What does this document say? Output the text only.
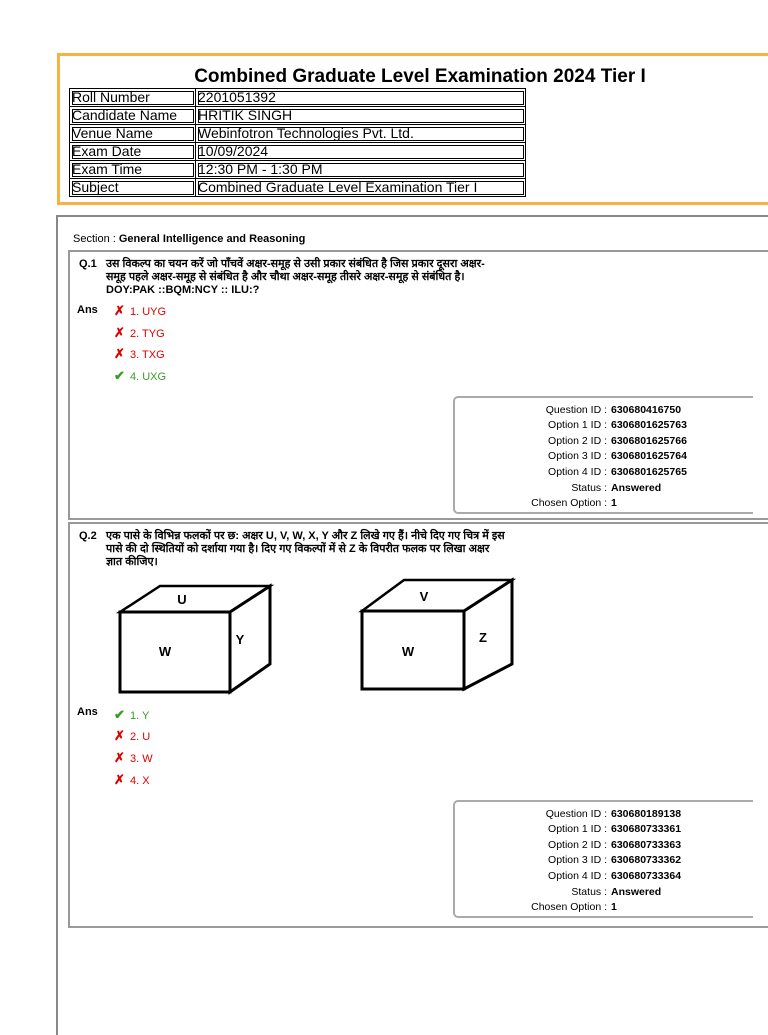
Combined Graduate Level Examination 2024 Tier I
Roll Number	2201051392
Candidate Name	HRITIK SINGH
Venue Name	Webinfotron Technologies Pvt. Ltd.
Exam Date	10/09/2024
Exam Time	12:30 PM - 1:30 PM
Subject	Combined Graduate Level Examination Tier I
Section : General Intelligence and Reasoning
Q.1 उस विकल्प का चयन करें जो पाँचवें अक्षर-समूह से उसी प्रकार संबंधित है जिस प्रकार दूसरा अक्षर-
समूह पहले अक्षर-समूह से संबंधित है और चौथा अक्षर-समूह तीसरे अक्षर-समूह से संबंधित है।
DOY:PAK ::BQM:NCY :: ILU:?
Ans ✗ 1. UYG
✗ 2. TYG
✗ 3. TXG
✔ 4. UXG
Question ID : 630680416750
Option 1 ID : 6306801625763
Option 2 ID : 6306801625766
Option 3 ID : 6306801625764
Option 4 ID : 6306801625765
Status : Answered
Chosen Option : 1
Q.2 एक पासे के विभिन्न फलकों पर छ: अक्षर U, V, W, X, Y और Z लिखे गए हैं। नीचे दिए गए चित्र में इस
पासे की दो स्थितियों को दर्शाया गया है। दिए गए विकल्पों में से Z के विपरीत फलक पर लिखा अक्षर
ज्ञात कीजिए।
U
W
Y
V
W
Z
Ans ✔ 1. Y
✗ 2. U
✗ 3. W
✗ 4. X
Question ID : 630680189138
Option 1 ID : 630680733361
Option 2 ID : 630680733363
Option 3 ID : 630680733362
Option 4 ID : 630680733364
Status : Answered
Chosen Option : 1
